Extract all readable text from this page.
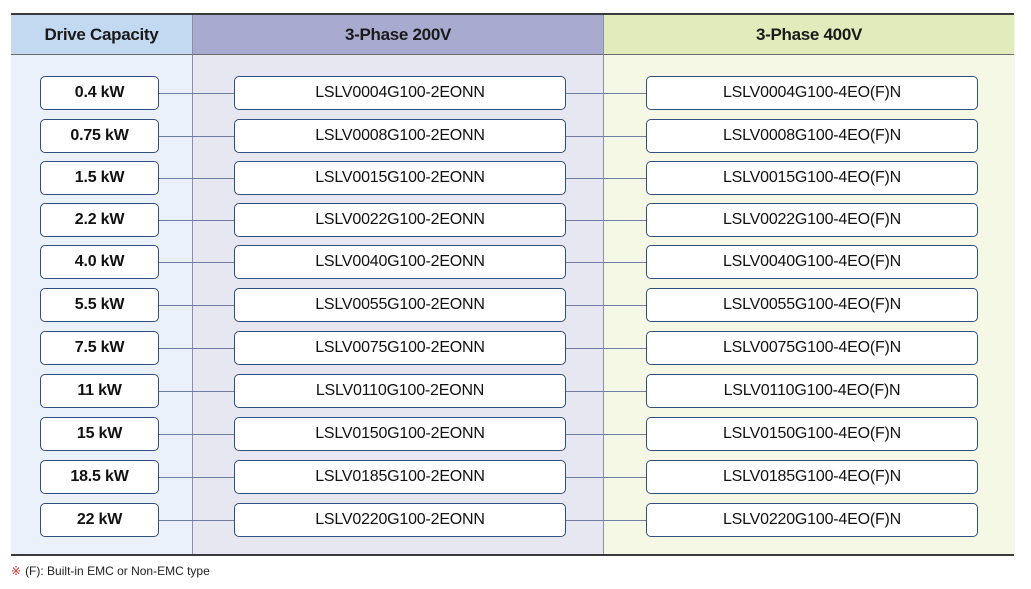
Drive Capacity	3-Phase 200V	3-Phase 400V
0.4 kW	LSLV0004G100-2EONN	LSLV0004G100-4EO(F)N
0.75 kW	LSLV0008G100-2EONN	LSLV0008G100-4EO(F)N
1.5 kW	LSLV0015G100-2EONN	LSLV0015G100-4EO(F)N
2.2 kW	LSLV0022G100-2EONN	LSLV0022G100-4EO(F)N
4.0 kW	LSLV0040G100-2EONN	LSLV0040G100-4EO(F)N
5.5 kW	LSLV0055G100-2EONN	LSLV0055G100-4EO(F)N
7.5 kW	LSLV0075G100-2EONN	LSLV0075G100-4EO(F)N
11 kW	LSLV0110G100-2EONN	LSLV0110G100-4EO(F)N
15 kW	LSLV0150G100-2EONN	LSLV0150G100-4EO(F)N
18.5 kW	LSLV0185G100-2EONN	LSLV0185G100-4EO(F)N
22 kW	LSLV0220G100-2EONN	LSLV0220G100-4EO(F)N
※ (F): Built-in EMC or Non-EMC type
